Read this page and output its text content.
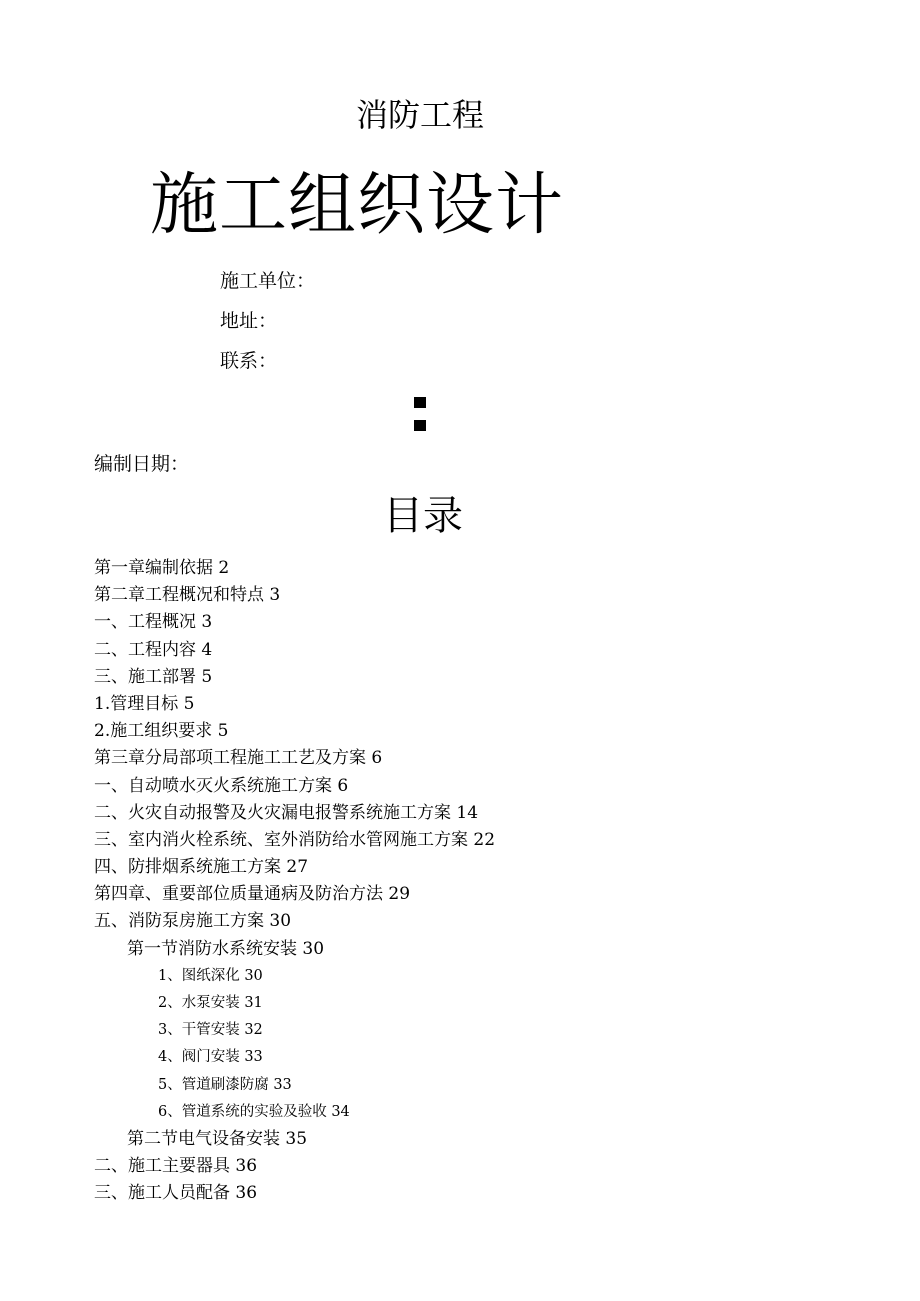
消防工程
施工组织设计
施工单位：
地址：
联系：
编制日期：
目录
第一章编制依据 2
第二章工程概况和特点 3
一、工程概况 3
二、工程内容 4
三、施工部署 5
1.管理目标 5
2.施工组织要求 5
第三章分局部项工程施工工艺及方案 6
一、自动喷水灭火系统施工方案 6
二、火灾自动报警及火灾漏电报警系统施工方案 14
三、室内消火栓系统、室外消防给水管网施工方案 22
四、防排烟系统施工方案 27
第四章、重要部位质量通病及防治方法 29
五、消防泵房施工方案 30
第一节消防水系统安装 30
1、图纸深化 30
2、水泵安装 31
3、干管安装 32
4、阀门安装 33
5、管道刷漆防腐 33
6、管道系统的实验及验收 34
第二节电气设备安装 35
二、施工主要器具 36
三、施工人员配备 36
